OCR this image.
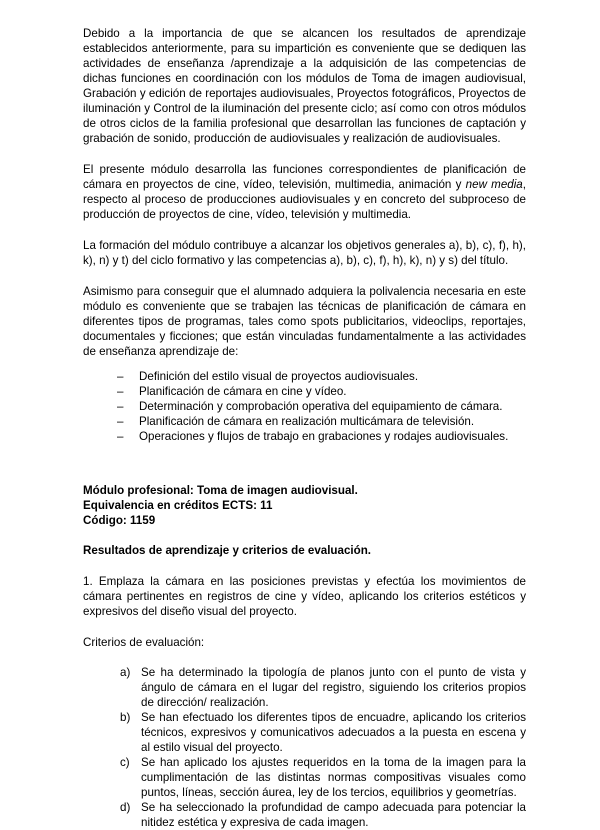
Debido a la importancia de que se alcancen los resultados de aprendizaje establecidos anteriormente, para su impartición es conveniente que se dediquen las actividades de enseñanza /aprendizaje a la adquisición de las competencias de dichas funciones en coordinación con los módulos de Toma de imagen audiovisual, Grabación y edición de reportajes audiovisuales, Proyectos fotográficos, Proyectos de iluminación y Control de la iluminación del presente ciclo; así como con otros módulos de otros ciclos de la familia profesional que desarrollan las funciones de captación y grabación de sonido, producción de audiovisuales y realización de audiovisuales.

El presente módulo desarrolla las funciones correspondientes de planificación de cámara en proyectos de cine, vídeo, televisión, multimedia, animación y new media, respecto al proceso de producciones audiovisuales y en concreto del subproceso de producción de proyectos de cine, vídeo, televisión y multimedia.

La formación del módulo contribuye a alcanzar los objetivos generales a), b), c), f), h), k), n) y t) del ciclo formativo y las competencias a), b), c), f), h), k), n) y s) del título.

Asimismo para conseguir que el alumnado adquiera la polivalencia necesaria en este módulo es conveniente que se trabajen las técnicas de planificación de cámara en diferentes tipos de programas, tales como spots publicitarios, videoclips, reportajes, documentales y ficciones; que están vinculadas fundamentalmente a las actividades de enseñanza aprendizaje de:

– Definición del estilo visual de proyectos audiovisuales.
– Planificación de cámara en cine y vídeo.
– Determinación y comprobación operativa del equipamiento de cámara.
– Planificación de cámara en realización multicámara de televisión.
– Operaciones y flujos de trabajo en grabaciones y rodajes audiovisuales.
Módulo profesional: Toma de imagen audiovisual.
Equivalencia en créditos ECTS: 11
Código: 1159
Resultados de aprendizaje y criterios de evaluación.

1. Emplaza la cámara en las posiciones previstas y efectúa los movimientos de cámara pertinentes en registros de cine y vídeo, aplicando los criterios estéticos y expresivos del diseño visual del proyecto.

Criterios de evaluación:
a) Se ha determinado la tipología de planos junto con el punto de vista y ángulo de cámara en el lugar del registro, siguiendo los criterios propios de dirección/ realización.
b) Se han efectuado los diferentes tipos de encuadre, aplicando los criterios técnicos, expresivos y comunicativos adecuados a la puesta en escena y al estilo visual del proyecto.
c) Se han aplicado los ajustes requeridos en la toma de la imagen para la cumplimentación de las distintas normas compositivas visuales como puntos, líneas, sección áurea, ley de los tercios, equilibrios y geometrías.
d) Se ha seleccionado la profundidad de campo adecuada para potenciar la nitidez estética y expresiva de cada imagen.
